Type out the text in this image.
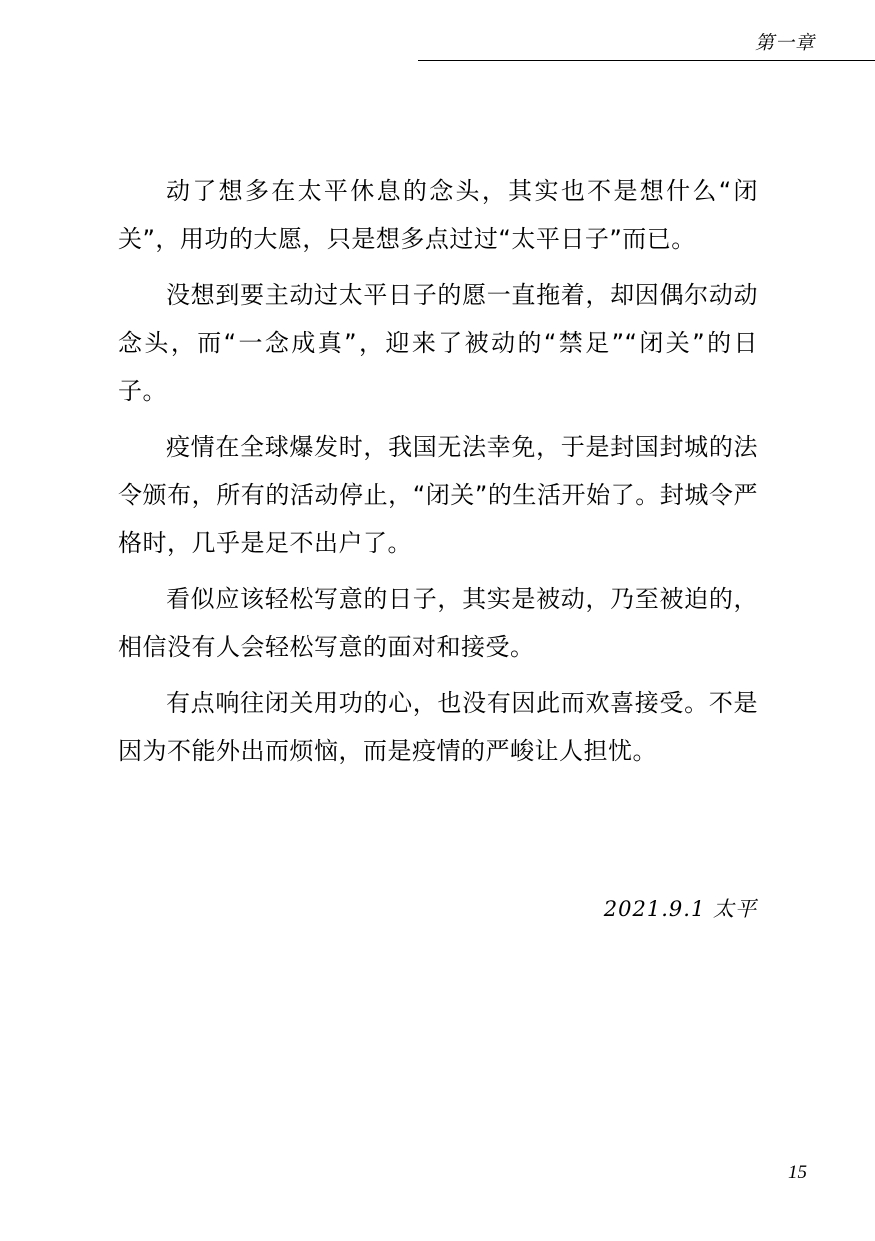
第一章

动了想多在太平休息的念头，其实也不是想什么“闭关”，用功的大愿，只是想多点过过“太平日子”而已。

没想到要主动过太平日子的愿一直拖着，却因偶尔动动念头，而“一念成真”，迎来了被动的“禁足”“闭关”的日子。

疫情在全球爆发时，我国无法幸免，于是封国封城的法令颁布，所有的活动停止，“闭关”的生活开始了。封城令严格时，几乎是足不出户了。

看似应该轻松写意的日子，其实是被动，乃至被迫的，相信没有人会轻松写意的面对和接受。

有点响往闭关用功的心，也没有因此而欢喜接受。不是因为不能外出而烦恼，而是疫情的严峻让人担忧。

2021.9.1 太平
15
